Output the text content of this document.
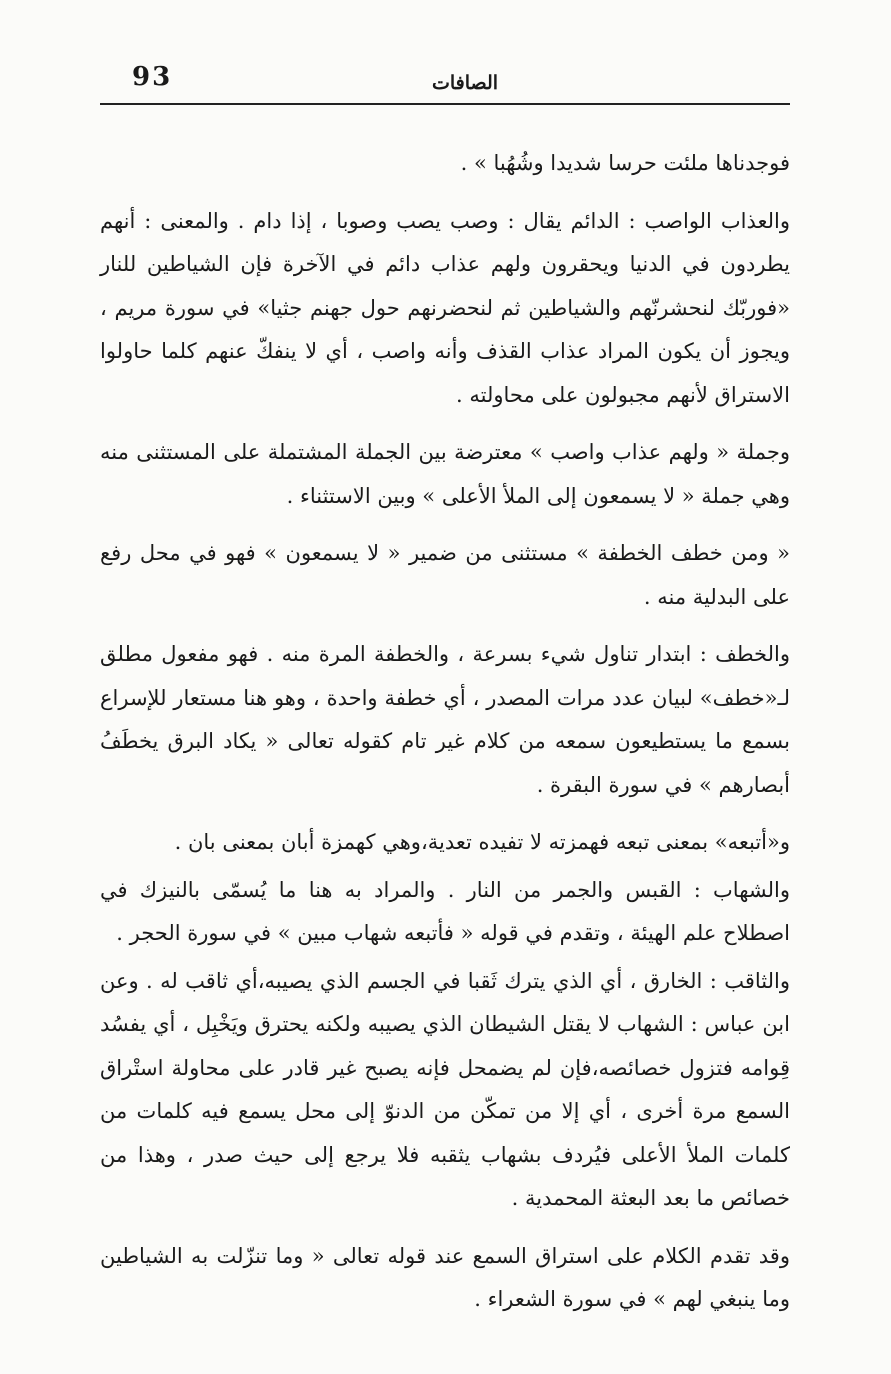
93	الصافات

فوجدناها ملئت حرسا شديدا وشُهُبا » .

والعذاب الواصب : الدائم يقال : وصب يصب وصوبا ، إذا دام . والمعنى : أنهم يطردون في الدنيا ويحقرون ولهم عذاب دائم في الآخرة فإن الشياطين للنار «فوربّك لنحشرنّهم والشياطين ثم لنحضرنهم حول جهنم جثيا» في سورة مريم ، ويجوز أن يكون المراد عذاب القذف وأنه واصب ، أي لا ينفكّ عنهم كلما حاولوا الاستراق لأنهم مجبولون على محاولته .

وجملة « ولهم عذاب واصب » معترضة بين الجملة المشتملة على المستثنى منه وهي جملة « لا يسمعون إلى الملأ الأعلى » وبين الاستثناء .

« ومن خطف الخطفة » مستثنى من ضمير « لا يسمعون » فهو في محل رفع على البدلية منه .

والخطف : ابتدار تناول شيء بسرعة ، والخطفة المرة منه . فهو مفعول مطلق لـ«خطف» لبيان عدد مرات المصدر ، أي خطفة واحدة ، وهو هنا مستعار للإسراع بسمع ما يستطيعون سمعه من كلام غير تام كقوله تعالى « يكاد البرق يخطَفُ أبصارهم » في سورة البقرة .

و«أتبعه» بمعنى تبعه فهمزته لا تفيده تعدية،وهي كهمزة أبان بمعنى بان .

والشهاب : القبس والجمر من النار . والمراد به هنا ما يُسمّى بالنيزك في اصطلاح علم الهيئة ، وتقدم في قوله « فأتبعه شهاب مبين » في سورة الحجر .

والثاقب : الخارق ، أي الذي يترك ثَقبا في الجسم الذي يصيبه،أي ثاقب له . وعن ابن عباس : الشهاب لا يقتل الشيطان الذي يصيبه ولكنه يحترق ويَخْبِل ، أي يفسُد قِوامه فتزول خصائصه،فإن لم يضمحل فإنه يصبح غير قادر على محاولة استْراق السمع مرة أخرى ، أي إلا من تمكّن من الدنوّ إلى محل يسمع فيه كلمات من كلمات الملأ الأعلى فيُردف بشهاب يثقبه فلا يرجع إلى حيث صدر ، وهذا من خصائص ما بعد البعثة المحمدية .

وقد تقدم الكلام على استراق السمع عند قوله تعالى « وما تنزّلت به الشياطين وما ينبغي لهم » في سورة الشعراء .
